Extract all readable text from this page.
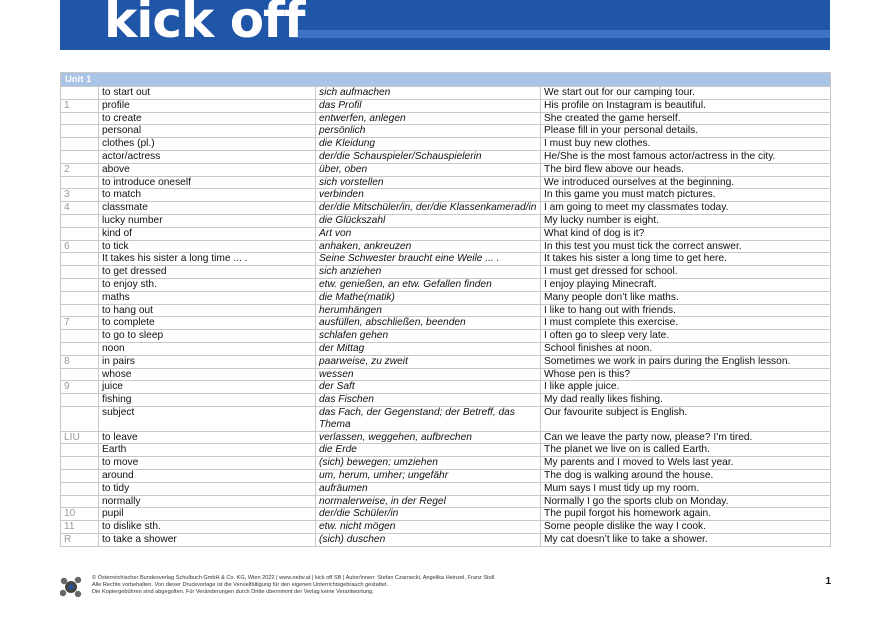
kick off
Unit 1
	to start out	sich aufmachen	We start out for our camping tour.
1	profile	das Profil	His profile on Instagram is beautiful.
	to create	entwerfen, anlegen	She created the game herself.
	personal	persönlich	Please fill in your personal details.
	clothes (pl.)	die Kleidung	I must buy new clothes.
	actor/actress	der/die Schauspieler/Schauspielerin	He/She is the most famous actor/actress in the city.
2	above	über, oben	The bird flew above our heads.
	to introduce oneself	sich vorstellen	We introduced ourselves at the beginning.
3	to match	verbinden	In this game you must match pictures.
4	classmate	der/die Mitschüler/in, der/die Klassenkamerad/in	I am going to meet my classmates today.
	lucky number	die Glückszahl	My lucky number is eight.
	kind of	Art von	What kind of dog is it?
6	to tick	anhaken, ankreuzen	In this test you must tick the correct answer.
	It takes his sister a long time ... .	Seine Schwester braucht eine Weile ... .	It takes his sister a long time to get here.
	to get dressed	sich anziehen	I must get dressed for school.
	to enjoy sth.	etw. genießen, an etw. Gefallen finden	I enjoy playing Minecraft.
	maths	die Mathe(matik)	Many people don’t like maths.
	to hang out	herumhängen	I like to hang out with friends.
7	to complete	ausfüllen, abschließen, beenden	I must complete this exercise.
	to go to sleep	schlafen gehen	I often go to sleep very late.
	noon	der Mittag	School finishes at noon.
8	in pairs	paarweise, zu zweit	Sometimes we work in pairs during the English lesson.
	whose	wessen	Whose pen is this?
9	juice	der Saft	I like apple juice.
	fishing	das Fischen	My dad really likes fishing.
	subject	das Fach, der Gegenstand; der Betreff, das Thema	Our favourite subject is English.
LIU	to leave	verlassen, weggehen, aufbrechen	Can we leave the party now, please? I’m tired.
	Earth	die Erde	The planet we live on is called Earth.
	to move	(sich) bewegen; umziehen	My parents and I moved to Wels last year.
	around	um, herum, umher; ungefähr	The dog is walking around the house.
	to tidy	aufräumen	Mum says I must tidy up my room.
	normally	normalerweise, in der Regel	Normally I go the sports club on Monday.
10	pupil	der/die Schüler/in	The pupil forgot his homework again.
11	to dislike sth.	etw. nicht mögen	Some people dislike the way I cook.
R	to take a shower	(sich) duschen	My cat doesn’t like to take a shower.
© Österreichischer Bundesverlag Schulbuch GmbH & Co. KG, Wien 2022 | www.oebv.at | kick off SB | Autor/innen: Stefan Czarnecki, Angelika Heinzel, Franz Stoll
Alle Rechte vorbehalten. Von dieser Druckvorlage ist die Vervielfältigung für den eigenen Unterrichtsgebrauch gestattet.
Die Kopiergebühren sind abgegolten. Für Veränderungen durch Dritte übernimmt der Verlag keine Verantwortung.
1
